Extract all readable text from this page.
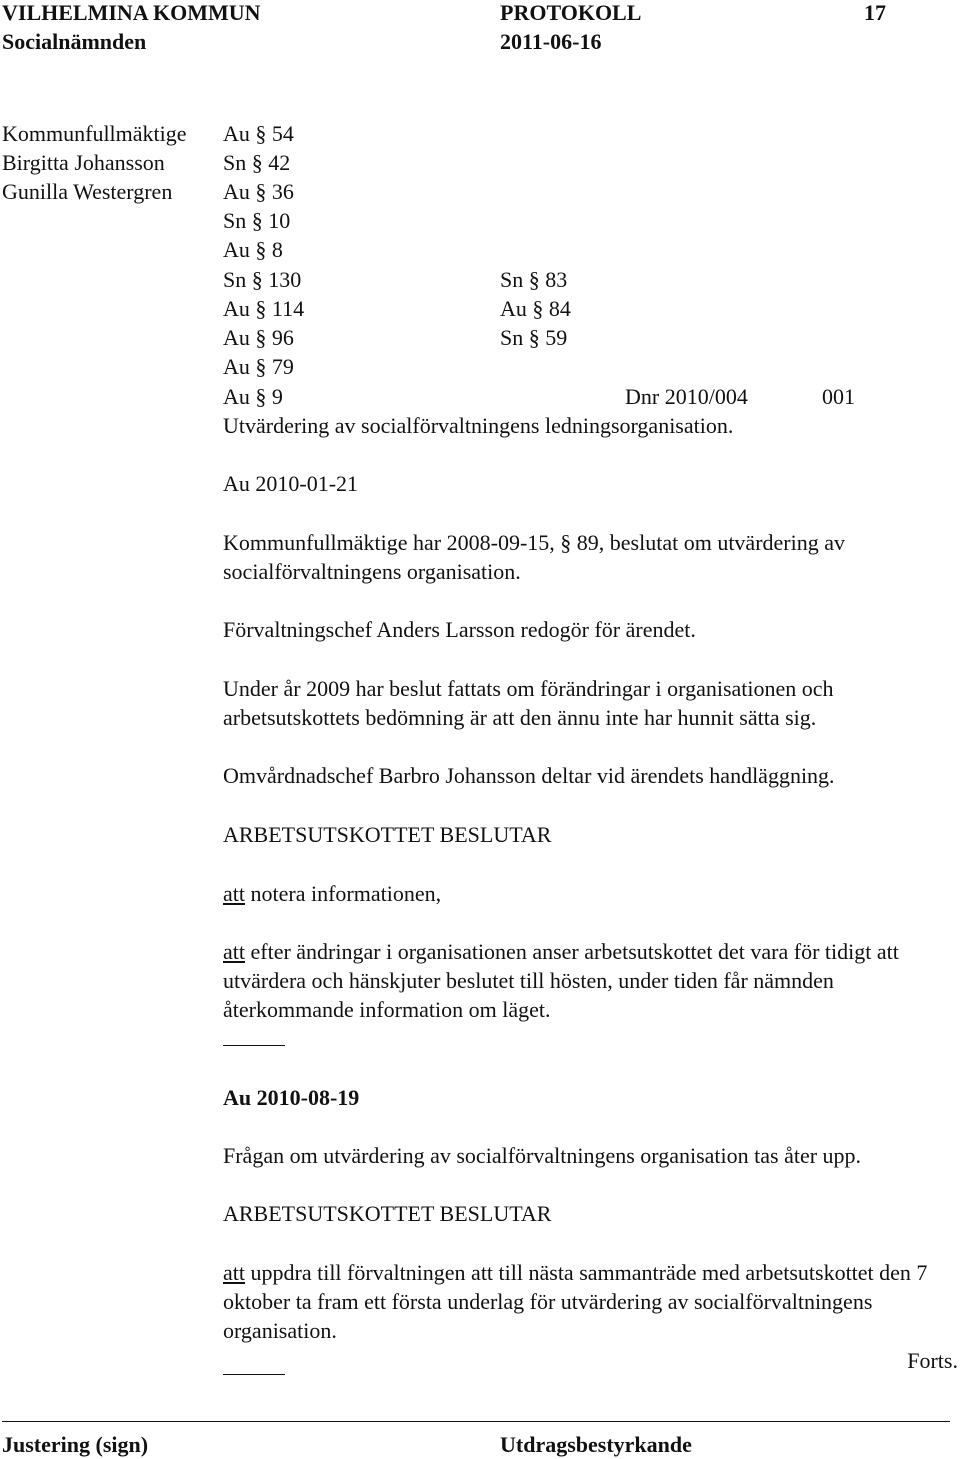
VILHELMINA KOMMUN	PROTOKOLL	17
Socialnämnden	2011-06-16
Kommunfullmäktige Au § 54
Birgitta Johansson	Sn § 42
Gunilla Westergren Au § 36
Sn § 10
Au § 8
Sn § 130	Sn § 83
Au § 114	Au § 84
Au § 96	Sn § 59
Au § 79
Au § 9	Dnr 2010/004	001
Utvärdering av socialförvaltningens ledningsorganisation.
Au 2010-01-21
Kommunfullmäktige har 2008-09-15, § 89, beslutat om utvärdering av socialförvaltningens organisation.
Förvaltningschef Anders Larsson redogör för ärendet.
Under år 2009 har beslut fattats om förändringar i organisationen och arbetsutskottets bedömning är att den ännu inte har hunnit sätta sig.
Omvårdnadschef Barbro Johansson deltar vid ärendets handläggning.
ARBETSUTSKOTTET BESLUTAR
att notera informationen,
att efter ändringar i organisationen anser arbetsutskottet det vara för tidigt att utvärdera och hänskjuter beslutet till hösten, under tiden får nämnden återkommande information om läget.
Au 2010-08-19
Frågan om utvärdering av socialförvaltningens organisation tas åter upp.
ARBETSUTSKOTTET BESLUTAR
att uppdra till förvaltningen att till nästa sammanträde med arbetsutskottet den 7 oktober ta fram ett första underlag för utvärdering av socialförvaltningens organisation.
Forts.
Justering (sign)	Utdragsbestyrkande
